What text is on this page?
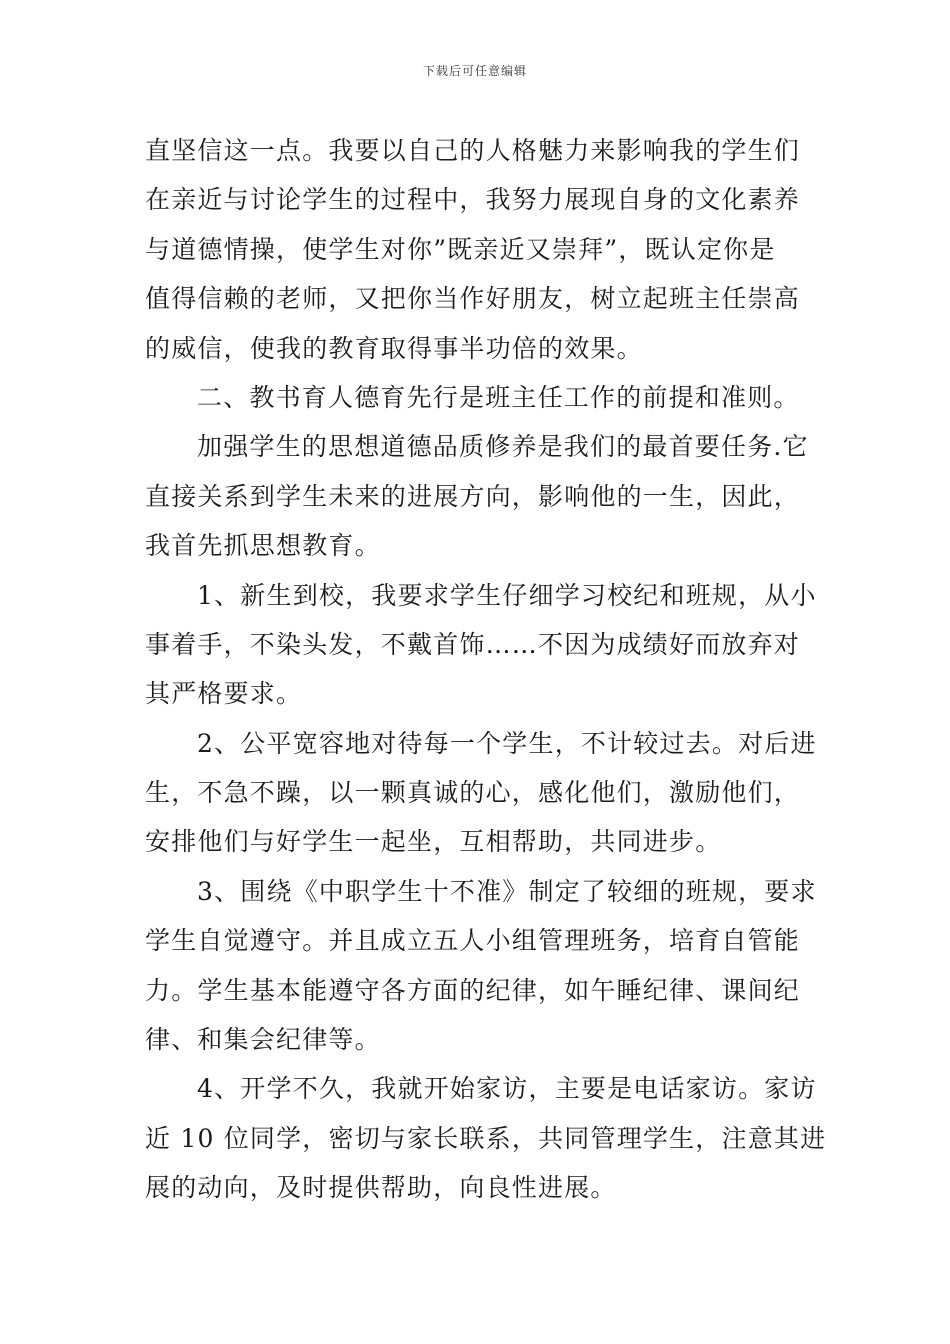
下载后可任意编辑
直坚信这一点。我要以自己的人格魅力来影响我的学生们
在亲近与讨论学生的过程中，我努力展现自身的文化素养
与道德情操，使学生对你”既亲近又崇拜”，既认定你是
值得信赖的老师，又把你当作好朋友，树立起班主任崇高
的威信，使我的教育取得事半功倍的效果。
二、教书育人德育先行是班主任工作的前提和准则。
加强学生的思想道德品质修养是我们的最首要任务.它
直接关系到学生未来的进展方向，影响他的一生，因此，
我首先抓思想教育。
1、新生到校，我要求学生仔细学习校纪和班规，从小
事着手，不染头发，不戴首饰……不因为成绩好而放弃对
其严格要求。
2、公平宽容地对待每一个学生，不计较过去。对后进
生，不急不躁，以一颗真诚的心，感化他们，激励他们，
安排他们与好学生一起坐，互相帮助，共同进步。
3、围绕《中职学生十不准》制定了较细的班规，要求
学生自觉遵守。并且成立五人小组管理班务，培育自管能
力。学生基本能遵守各方面的纪律，如午睡纪律、课间纪
律、和集会纪律等。
4、开学不久，我就开始家访，主要是电话家访。家访
近 10 位同学，密切与家长联系，共同管理学生，注意其进
展的动向，及时提供帮助，向良性进展。
